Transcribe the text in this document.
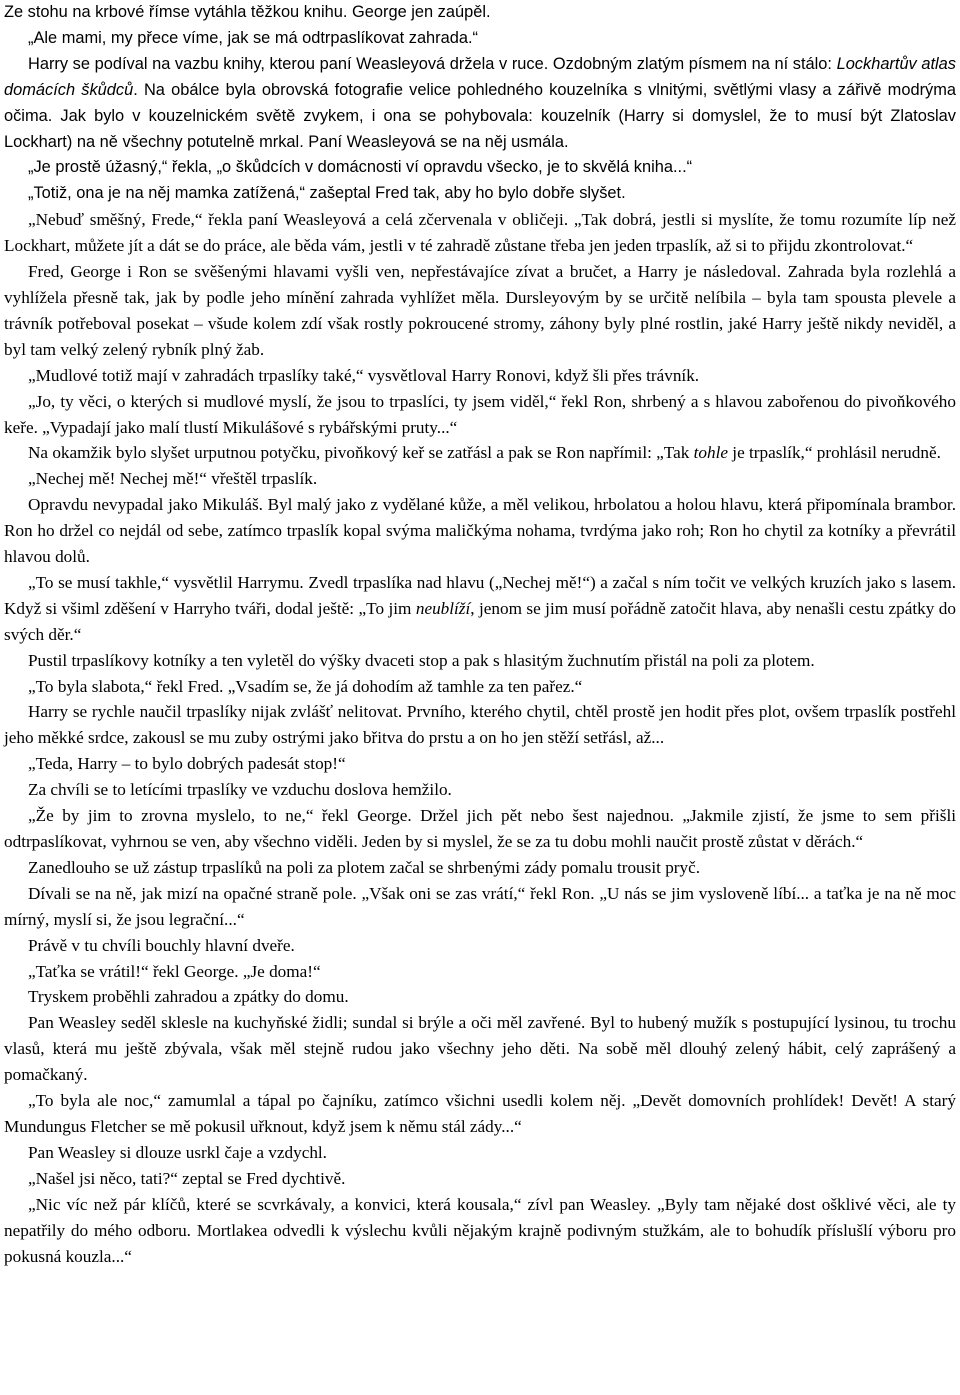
Ze stohu na krbové římse vytáhla těžkou knihu. George jen zaúpěl.

„Ale mami, my přece víme, jak se má odtrpaslíkovat zahrada.“

Harry se podíval na vazbu knihy, kterou paní Weasleyová držela v ruce. Ozdobným zlatým písmem na ní stálo: Lockhartův atlas domácích škůdců. Na obálce byla obrovská fotografie velice pohledného kouzelníka s vlnitými, světlými vlasy a zářivě modrýma očima. Jak bylo v kouzelnickém světě zvykem, i ona se pohybovala: kouzelník (Harry si domyslel, že to musí být Zlatoslav Lockhart) na ně všechny potutelně mrkal. Paní Weasleyová se na něj usmála.

„Je prostě úžasný,“ řekla, „o škůdcích v domácnosti ví opravdu všecko, je to skvělá kniha...“

„Totiž, ona je na něj mamka zatížená,“ zašeptal Fred tak, aby ho bylo dobře slyšet.

„Nebuď směšný, Frede,“ řekla paní Weasleyová a celá zčervenala v obličeji. „Tak dobrá, jestli si myslíte, že tomu rozumíte líp než Lockhart, můžete jít a dát se do práce, ale běda vám, jestli v té zahradě zůstane třeba jen jeden trpaslík, až si to přijdu zkontrolovat.“

Fred, George i Ron se svěšenými hlavami vyšli ven, nepřestávajíce zívat a bručet, a Harry je následoval. Zahrada byla rozlehlá a vyhlížela přesně tak, jak by podle jeho mínění zahrada vyhlížet měla. Dursleyovým by se určitě nelíbila – byla tam spousta plevele a trávník potřeboval posekat – všude kolem zdí však rostly pokroucené stromy, záhony byly plné rostlin, jaké Harry ještě nikdy neviděl, a byl tam velký zelený rybník plný žab.

„Mudlové totiž mají v zahradách trpaslíky také,“ vysvětloval Harry Ronovi, když šli přes trávník.

„Jo, ty věci, o kterých si mudlové myslí, že jsou to trpaslíci, ty jsem viděl,“ řekl Ron, shrbený a s hlavou zabořenou do pivoňkového keře. „Vypadají jako malí tlustí Mikulášové s rybářskými pruty...“

Na okamžik bylo slyšet urputnou potyčku, pivoňkový keř se zatřásl a pak se Ron napřímil: „Tak tohle je trpaslík,“ prohlásil nerudně.

„Nechej mě! Nechej mě!“ vřeštěl trpaslík.

Opravdu nevypadal jako Mikuláš. Byl malý jako z vydělané kůže, a měl velikou, hrbolatou a holou hlavu, která připomínala brambor. Ron ho držel co nejdál od sebe, zatímco trpaslík kopal svýma maličkýma nohama, tvrdýma jako roh; Ron ho chytil za kotníky a převrátil hlavou dolů.

„To se musí takhle,“ vysvětlil Harrymu. Zvedl trpaslíka nad hlavu („Nechej mě!“) a začal s ním točit ve velkých kruzích jako s lasem. Když si všiml zděšení v Harryho tváři, dodal ještě: „To jim neublíží, jenom se jim musí pořádně zatočit hlava, aby nenašli cestu zpátky do svých děr.“

Pustil trpaslíkovy kotníky a ten vyletěl do výšky dvaceti stop a pak s hlasitým žuchnutím přistál na poli za plotem.

„To byla slabota,“ řekl Fred. „Vsadím se, že já dohodím až tamhle za ten pařez.“

Harry se rychle naučil trpaslíky nijak zvlášť nelitovat. Prvního, kterého chytil, chtěl prostě jen hodit přes plot, ovšem trpaslík postřehl jeho měkké srdce, zakousl se mu zuby ostrými jako břitva do prstu a on ho jen stěží setřásl, až...

„Teda, Harry – to bylo dobrých padesát stop!“

Za chvíli se to letícími trpaslíky ve vzduchu doslova hemžilo.

„Že by jim to zrovna myslelo, to ne,“ řekl George. Držel jich pět nebo šest najednou. „Jakmile zjistí, že jsme to sem přišli odtrpaslíkovat, vyhrnou se ven, aby všechno viděli. Jeden by si myslel, že se za tu dobu mohli naučit prostě zůstat v děrách.“

Zanedlouho se už zástup trpaslíků na poli za plotem začal se shrbenými zády pomalu trousit pryč.

Dívali se na ně, jak mizí na opačné straně pole. „Však oni se zas vrátí,“ řekl Ron. „U nás se jim vysloveně líbí... a taťka je na ně moc mírný, myslí si, že jsou legrační...“

Právě v tu chvíli bouchly hlavní dveře.

„Taťka se vrátil!“ řekl George. „Je doma!“

Tryskem proběhli zahradou a zpátky do domu.

Pan Weasley seděl sklesle na kuchyňské židli; sundal si brýle a oči měl zavřené. Byl to hubený mužík s postupující lysinou, tu trochu vlasů, která mu ještě zbývala, však měl stejně rudou jako všechny jeho děti. Na sobě měl dlouhý zelený hábit, celý zaprášený a pomačkaný.

„To byla ale noc,“ zamumlal a tápal po čajníku, zatímco všichni usedli kolem něj. „Devět domovních prohlídek! Devět! A starý Mundungus Fletcher se mě pokusil uřknout, když jsem k němu stál zády...“

Pan Weasley si dlouze usrkl čaje a vzdychl.

„Našel jsi něco, tati?“ zeptal se Fred dychtivě.

„Nic víc než pár klíčů, které se scvrkávaly, a konvici, která kousala,“ zívl pan Weasley. „Byly tam nějaké dost ošklivé věci, ale ty nepatřily do mého odboru. Mortlakea odvedli k výslechu kvůli nějakým krajně podivným stužkám, ale to bohudík příslušlí výboru pro pokusná kouzla...“
